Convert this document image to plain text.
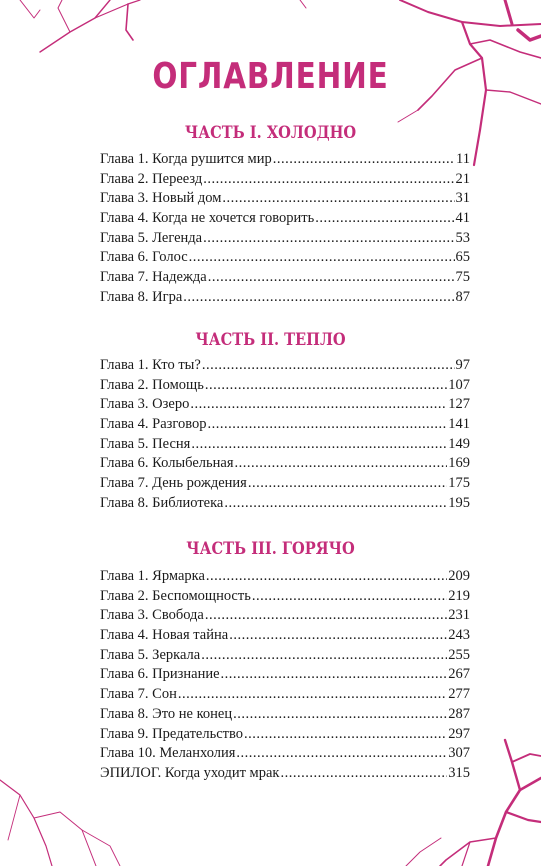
ОГЛАВЛЕНИЕ
ЧАСТЬ I. ХОЛОДНО
Глава 1. Когда рушится мир .....	11
Глава 2. Переезд .....	21
Глава 3. Новый дом .....	31
Глава 4. Когда не хочется говорить .....	41
Глава 5. Легенда .....	53
Глава 6. Голос .....	65
Глава 7. Надежда .....	75
Глава 8. Игра .....	87
ЧАСТЬ II. ТЕПЛО
Глава 1. Кто ты? .....	97
Глава 2. Помощь .....	107
Глава 3. Озеро .....	127
Глава 4. Разговор .....	141
Глава 5. Песня .....	149
Глава 6. Колыбельная .....	169
Глава 7. День рождения .....	175
Глава 8. Библиотека .....	195
ЧАСТЬ III. ГОРЯЧО
Глава 1. Ярмарка .....	209
Глава 2. Беспомощность .....	219
Глава 3. Свобода .....	231
Глава 4. Новая тайна .....	243
Глава 5. Зеркала .....	255
Глава 6. Признание .....	267
Глава 7. Сон .....	277
Глава 8. Это не конец .....	287
Глава 9. Предательство .....	297
Глава 10. Меланхолия .....	307
ЭПИЛОГ. Когда уходит мрак .....	315
